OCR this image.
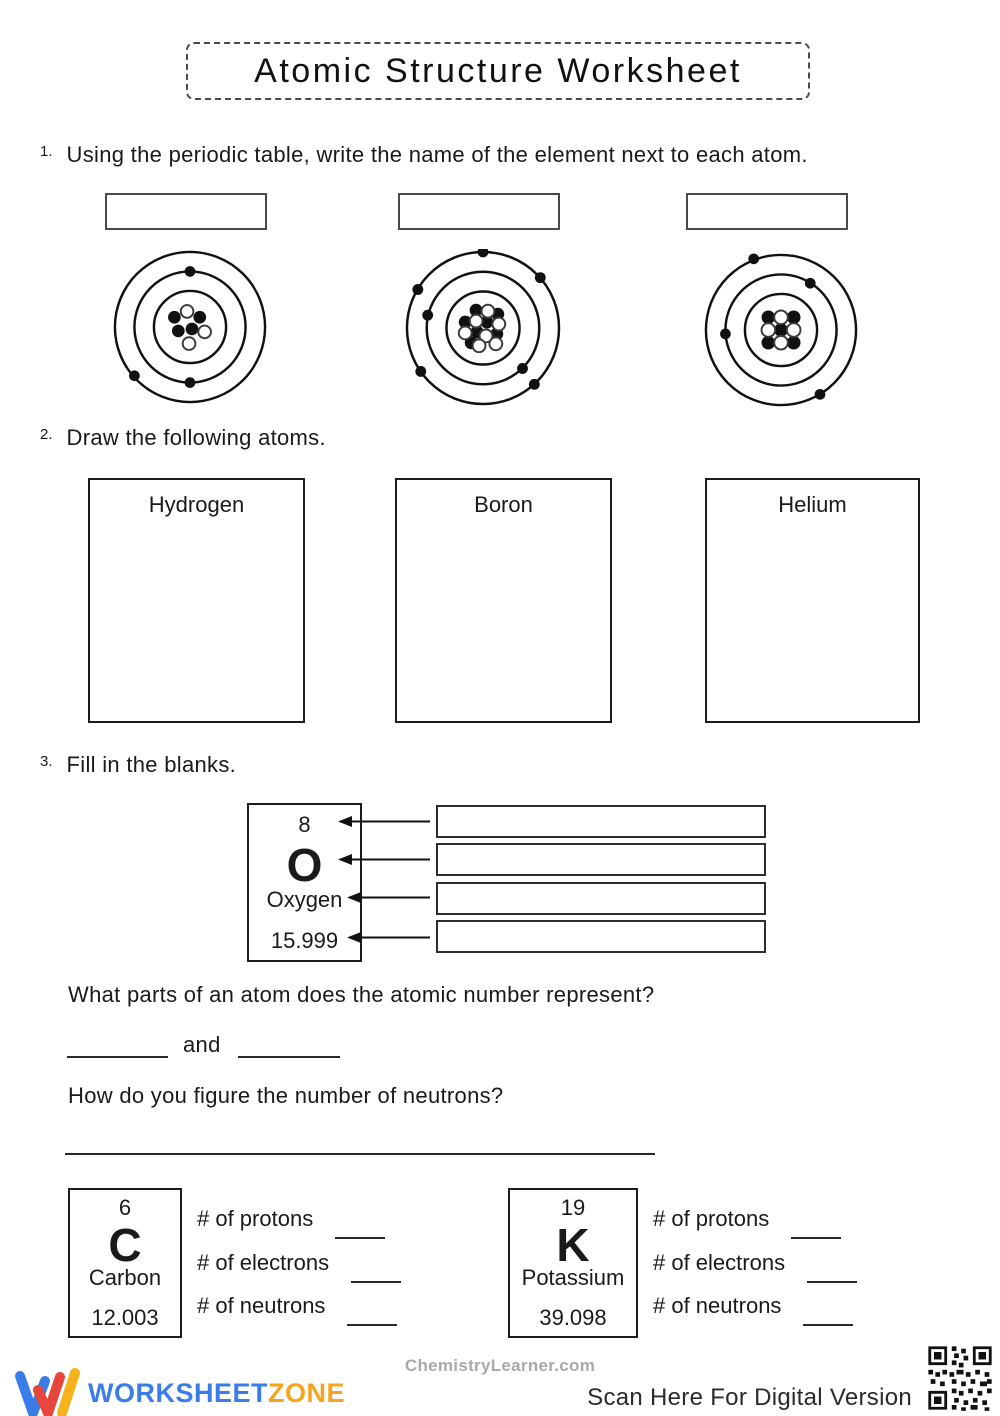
Atomic Structure Worksheet
1. Using the periodic table, write the name of the element next to each atom.
2. Draw the following atoms.
Hydrogen	Boron	Helium
3. Fill in the blanks.
8
O
Oxygen
15.999
What parts of an atom does the atomic number represent?
and
How do you figure the number of neutrons?
6
C
Carbon
12.003
# of protons
# of electrons
# of neutrons
19
K
Potassium
39.098
# of protons
# of electrons
# of neutrons
ChemistryLearner.com
WORKSHEETZONE	Scan Here For Digital Version
